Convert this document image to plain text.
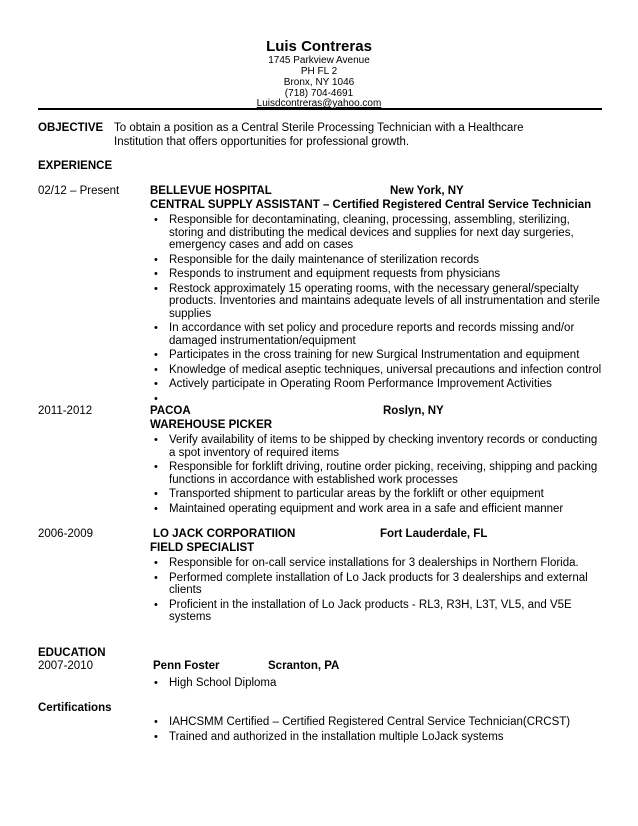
Luis Contreras
1745 Parkview Avenue
PH FL 2
Bronx, NY 1046
(718) 704-4691
Luisdcontreras@yahoo.com
OBJECTIVE To obtain a position as a Central Sterile Processing Technician with a Healthcare
Institution that offers opportunities for professional growth.
EXPERIENCE
02/12 – Present	BELLEVUE HOSPITAL	New York, NY
CENTRAL SUPPLY ASSISTANT – Certified Registered Central Service Technician
• Responsible for decontaminating, cleaning, processing, assembling, sterilizing, storing and distributing the medical devices and supplies for next day surgeries, emergency cases and add on cases
• Responsible for the daily maintenance of sterilization records
• Responds to instrument and equipment requests from physicians
• Restock approximately 15 operating rooms, with the necessary general/specialty products. Inventories and maintains adequate levels of all instrumentation and sterile supplies
• In accordance with set policy and procedure reports and records missing and/or damaged instrumentation/equipment
• Participates in the cross training for new Surgical Instrumentation and equipment
• Knowledge of medical aseptic techniques, universal precautions and infection control
• Actively participate in Operating Room Performance Improvement Activities
•
2011-2012	PACOA	Roslyn, NY
WAREHOUSE PICKER
• Verify availability of items to be shipped by checking inventory records or conducting a spot inventory of required items
• Responsible for forklift driving, routine order picking, receiving, shipping and packing functions in accordance with established work processes
• Transported shipment to particular areas by the forklift or other equipment
• Maintained operating equipment and work area in a safe and efficient manner
2006-2009	LO JACK CORPORATIION	Fort Lauderdale, FL
FIELD SPECIALIST
• Responsible for on-call service installations for 3 dealerships in Northern Florida.
• Performed complete installation of Lo Jack products for 3 dealerships and external clients
• Proficient in the installation of Lo Jack products - RL3, R3H, L3T, VL5, and V5E systems
EDUCATION
2007-2010	Penn Foster	Scranton, PA
• High School Diploma
Certifications
• IAHCSMM Certified – Certified Registered Central Service Technician(CRCST)
• Trained and authorized in the installation multiple LoJack systems
